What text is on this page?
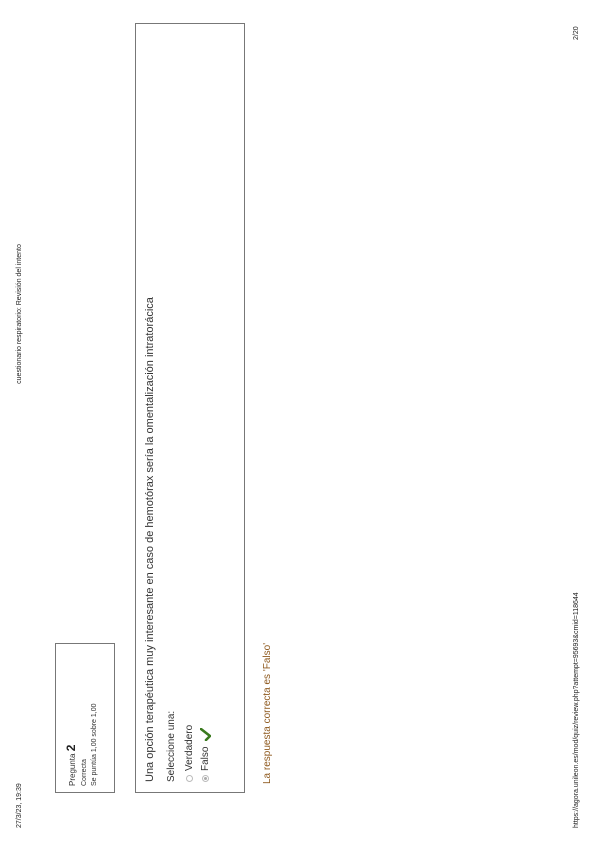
27/3/23, 19:39
cuestionario respiratorio: Revisión del intento
Pregunta 2
Correcta Se puntúa 1,00 sobre 1,00	Una opción terapéutica muy interesante en caso de hemotórax sería la omentalización intratorácica Seleccione una: Verdadero Falso	La respuesta correcta es 'Falso'	https://agora.unileon.es/mod/quiz/review.php?attempt=95693&cmid=118644
2/20
